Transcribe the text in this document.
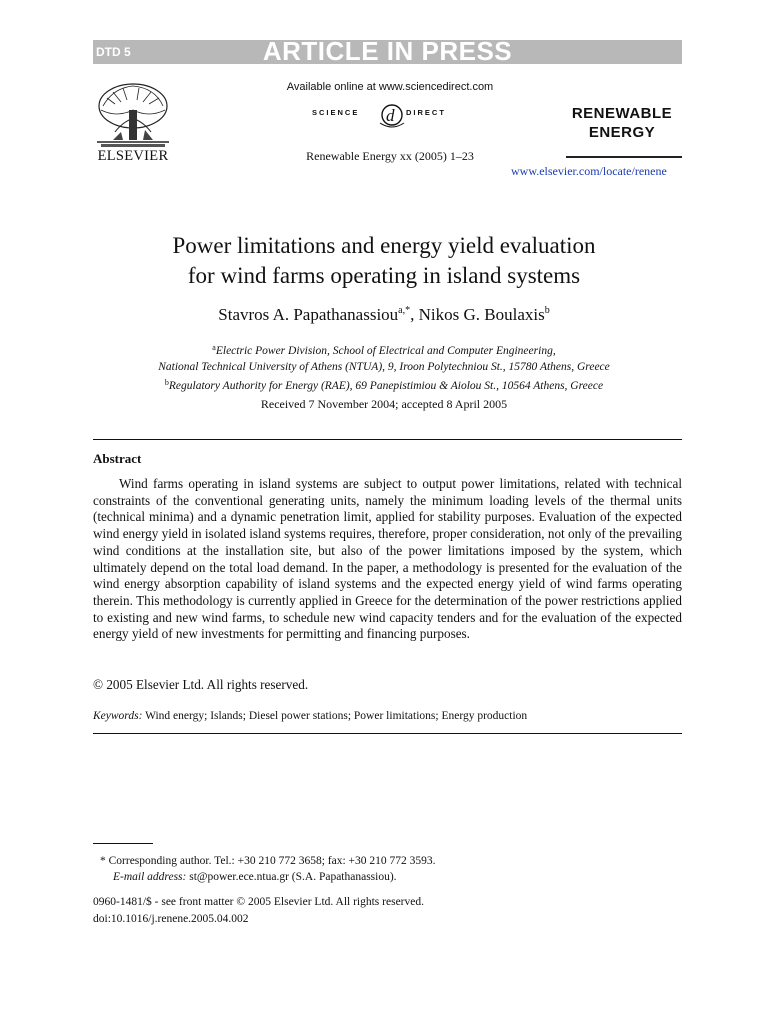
DTD 5	ARTICLE IN PRESS
ELSEVIER
Available online at www.sciencedirect.com
d
SCIENCE	DIRECT
Renewable Energy xx (2005) 1–23
RENEWABLE
ENERGY
www.elsevier.com/locate/renene
Power limitations and energy yield evaluation
for wind farms operating in island systems
Stavros A. Papathanassiou$^{a,*}$, Nikos G. Boulaxis$^b$
$^a$Electric Power Division, School of Electrical and Computer Engineering,
National Technical University of Athens (NTUA), 9, Iroon Polytechniou St., 15780 Athens, Greece
$^b$Regulatory Authority for Energy (RAE), 69 Panepistimiou & Aiolou St., 10564 Athens, Greece
Received 7 November 2004; accepted 8 April 2005
Abstract

Wind farms operating in island systems are subject to output power limitations, related with technical constraints of the conventional generating units, namely the minimum loading levels of the thermal units (technical minima) and a dynamic penetration limit, applied for stability purposes. Evaluation of the expected wind energy yield in isolated island systems requires, therefore, proper consideration, not only of the prevailing wind conditions at the installation site, but also of the power limitations imposed by the system, which ultimately depend on the total load demand. In the paper, a methodology is presented for the evaluation of the wind energy absorption capability of island systems and the expected energy yield of wind farms operating therein. This methodology is currently applied in Greece for the determination of the power restrictions applied to existing and new wind farms, to schedule new wind capacity tenders and for the evaluation of the expected energy yield of new investments for permitting and financing purposes.

© 2005 Elsevier Ltd. All rights reserved.
Keywords: Wind energy; Islands; Diesel power stations; Power limitations; Energy production
* Corresponding author. Tel.: +30 210 772 3658; fax: +30 210 772 3593.
E-mail address: st@power.ece.ntua.gr (S.A. Papathanassiou).
0960-1481/$ - see front matter © 2005 Elsevier Ltd. All rights reserved.
doi:10.1016/j.renene.2005.04.002
